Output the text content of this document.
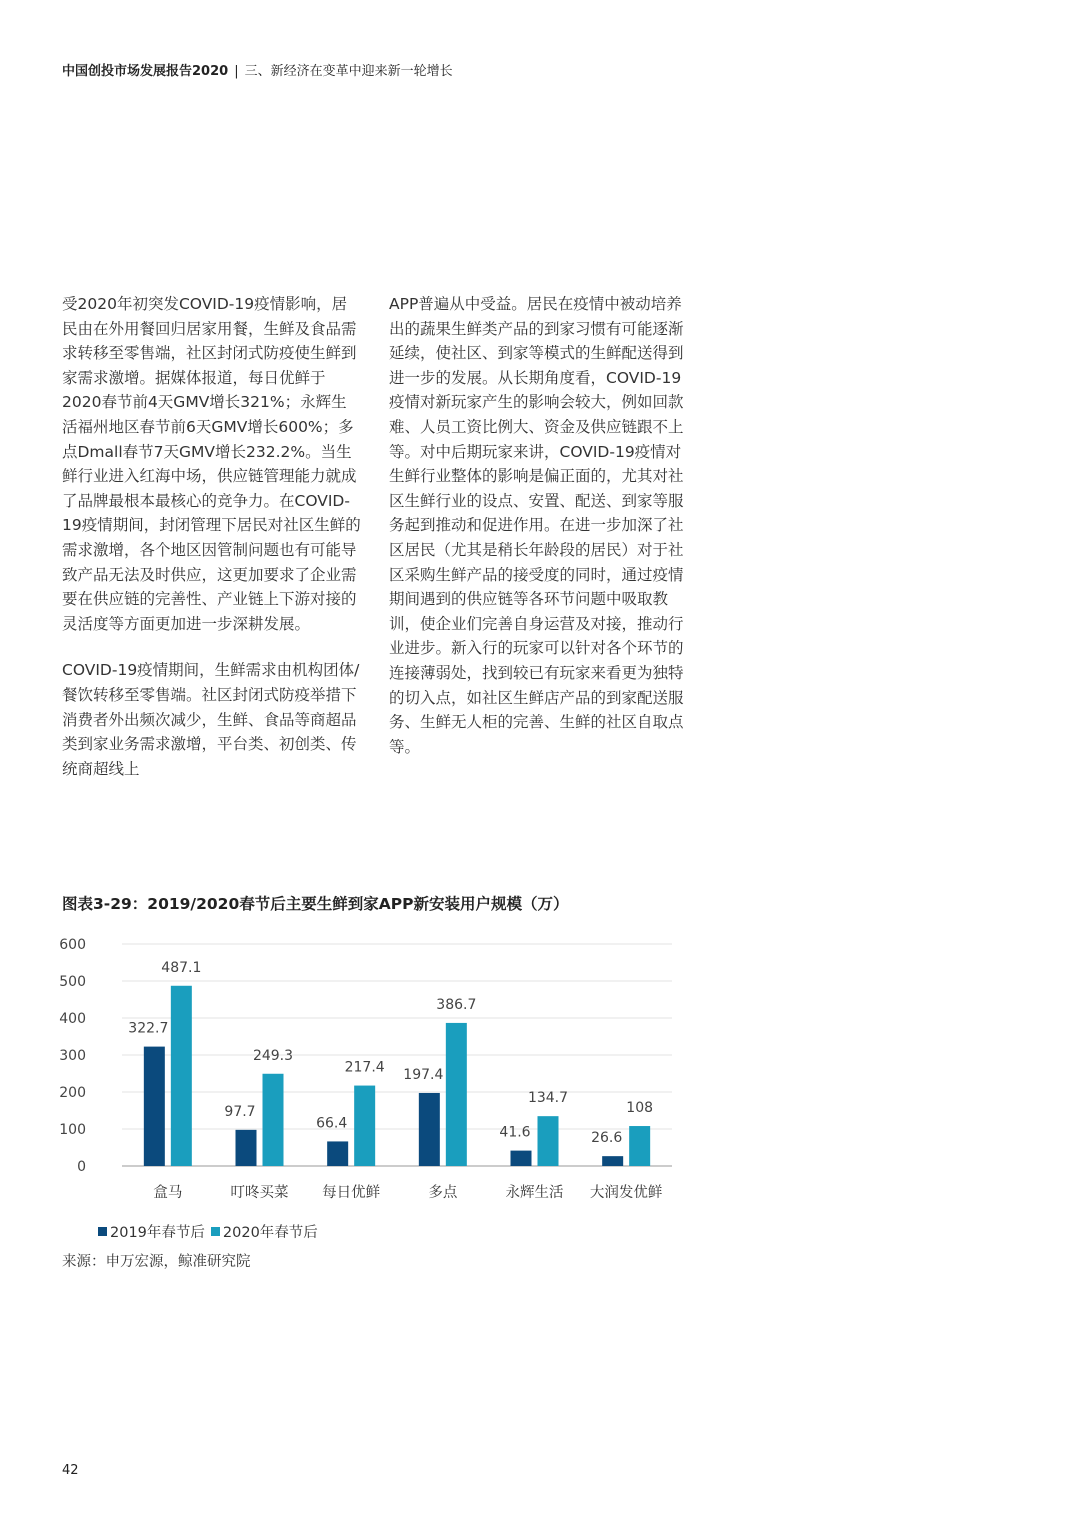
中国创投市场发展报告2020 | 三、新经济在变革中迎来新一轮增长

受2020年初突发COVID-19疫情影响，居民由在外用餐回归居家用餐，生鲜及食品需求转移至零售端，社区封闭式防疫使生鲜到家需求激增。据媒体报道，每日优鲜于2020春节前4天GMV增长321%；永辉生活福州地区春节前6天GMV增长600%；多点Dmall春节7天GMV增长232.2%。当生鲜行业进入红海中场，供应链管理能力就成了品牌最根本最核心的竞争力。在COVID-19疫情期间，封闭管理下居民对社区生鲜的需求激增，各个地区因管制问题也有可能导致产品无法及时供应，这更加要求了企业需要在供应链的完善性、产业链上下游对接的灵活度等方面更加进一步深耕发展。

COVID-19疫情期间，生鲜需求由机构团体/餐饮转移至零售端。社区封闭式防疫举措下消费者外出频次减少，生鲜、食品等商超品类到家业务需求激增，平台类、初创类、传统商超线上

APP普遍从中受益。居民在疫情中被动培养出的蔬果生鲜类产品的到家习惯有可能逐渐延续，使社区、到家等模式的生鲜配送得到进一步的发展。从长期角度看，COVID-19疫情对新玩家产生的影响会较大，例如回款难、人员工资比例大、资金及供应链跟不上等。对中后期玩家来讲，COVID-19疫情对生鲜行业整体的影响是偏正面的，尤其对社区生鲜行业的设点、安置、配送、到家等服务起到推动和促进作用。在进一步加深了社区居民（尤其是稍长年龄段的居民）对于社区采购生鲜产品的接受度的同时，通过疫情期间遇到的供应链等各环节问题中吸取教训，使企业们完善自身运营及对接，推动行业进步。新入行的玩家可以针对各个环节的连接薄弱处，找到较已有玩家来看更为独特的切入点，如社区生鲜店产品的到家配送服务、生鲜无人柜的完善、生鲜的社区自取点等。

图表3-29：2019/2020春节后主要生鲜到家APP新安装用户规模（万）
0
100
200
300
400
500
600
322.7
487.1
盒马
97.7
249.3
叮咚买菜
66.4
217.4
每日优鲜
197.4
386.7
多点
41.6
134.7
永辉生活
26.6
108
大润发优鲜
2019年春节后 2020年春节后
来源：申万宏源，鲸准研究院
42
